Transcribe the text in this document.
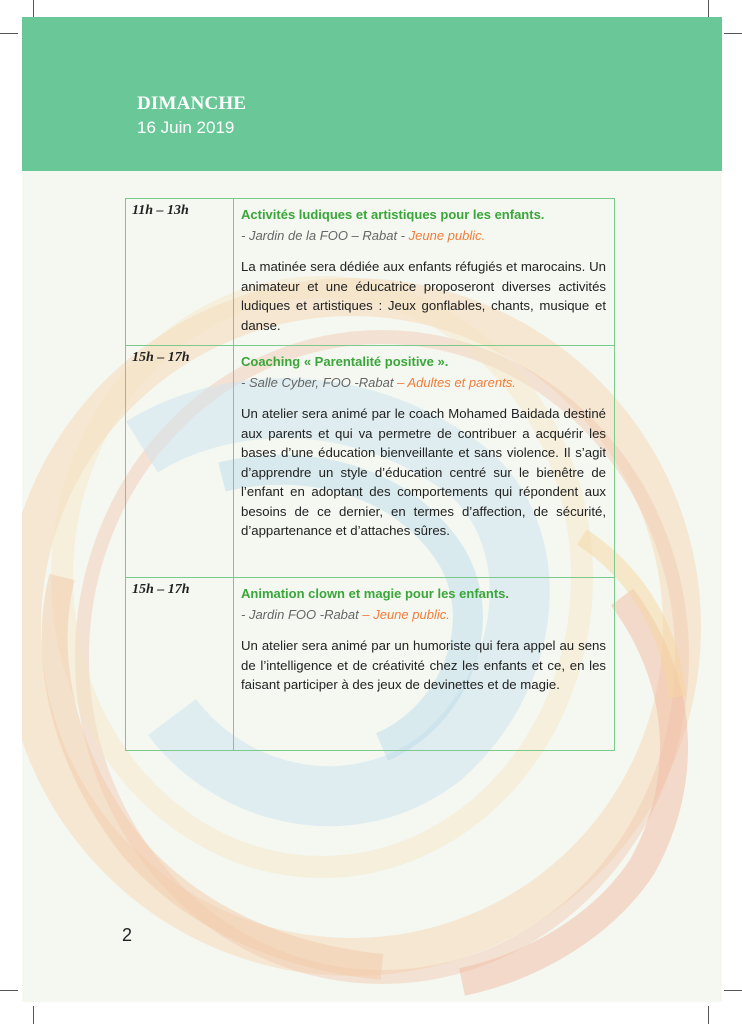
DIMANCHE
16 Juin 2019
11h – 13h	Activités ludiques et artistiques pour les enfants.
- Jardin de la FOO – Rabat - Jeune public.

La matinée sera dédiée aux enfants réfugiés et marocains. Un animateur et une éducatrice proposeront diverses activités ludiques et artistiques : Jeux gonflables, chants, musique et danse.

15h – 17h	Coaching « Parentalité positive ».
- Salle Cyber, FOO -Rabat – Adultes et parents.

Un atelier sera animé par le coach Mohamed Baidada destiné aux parents et qui va permetre de contribuer a acquérir les bases d’une éducation bienveillante et sans violence. Il s’agit d’apprendre un style d’éducation centré sur le bienêtre de l’enfant en adoptant des comportements qui répondent aux besoins de ce dernier, en termes d’affection, de sécurité, d’appartenance et d’attaches sûres.

15h – 17h	Animation clown et magie pour les enfants.
- Jardin FOO -Rabat – Jeune public.

Un atelier sera animé par un humoriste qui fera appel au sens de l’intelligence et de créativité chez les enfants et ce, en les faisant participer à des jeux de devinettes et de magie.

2
